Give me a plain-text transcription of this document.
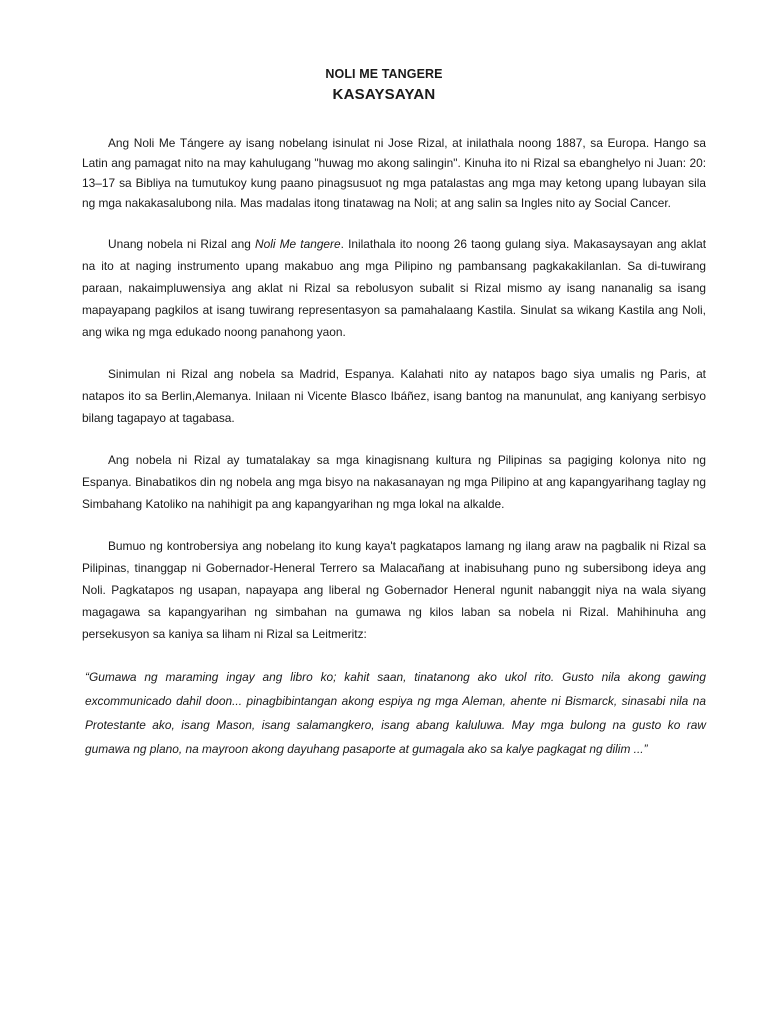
NOLI ME TANGERE
KASAYSAYAN

Ang Noli Me Tángere ay isang nobelang isinulat ni Jose Rizal, at inilathala noong 1887, sa Europa. Hango sa Latin ang pamagat nito na may kahulugang "huwag mo akong salingin". Kinuha ito ni Rizal sa ebanghelyo ni Juan: 20: 13–17 sa Bibliya na tumutukoy kung paano pinagsusuot ng mga patalastas ang mga may ketong upang lubayan sila ng mga nakakasalubong nila. Mas madalas itong tinatawag na Noli; at ang salin sa Ingles nito ay Social Cancer.

Unang nobela ni Rizal ang Noli Me tangere. Inilathala ito noong 26 taong gulang siya. Makasaysayan ang aklat na ito at naging instrumento upang makabuo ang mga Pilipino ng pambansang pagkakakilanlan. Sa di-tuwirang paraan, nakaimpluwensiya ang aklat ni Rizal sa rebolusyon subalit si Rizal mismo ay isang nananalig sa isang mapayapang pagkilos at isang tuwirang representasyon sa pamahalaang Kastila. Sinulat sa wikang Kastila ang Noli, ang wika ng mga edukado noong panahong yaon.

Sinimulan ni Rizal ang nobela sa Madrid, Espanya. Kalahati nito ay natapos bago siya umalis ng Paris, at natapos ito sa Berlin,Alemanya. Inilaan ni Vicente Blasco Ibáñez, isang bantog na manunulat, ang kaniyang serbisyo bilang tagapayo at tagabasa.

Ang nobela ni Rizal ay tumatalakay sa mga kinagisnang kultura ng Pilipinas sa pagiging kolonya nito ng Espanya. Binabatikos din ng nobela ang mga bisyo na nakasanayan ng mga Pilipino at ang kapangyarihang taglay ng Simbahang Katoliko na nahihigit pa ang kapangyarihan ng mga lokal na alkalde.

Bumuo ng kontrobersiya ang nobelang ito kung kaya't pagkatapos lamang ng ilang araw na pagbalik ni Rizal sa Pilipinas, tinanggap ni Gobernador-Heneral Terrero sa Malacañang at inabisuhang puno ng subersibong ideya ang Noli. Pagkatapos ng usapan, napayapa ang liberal ng Gobernador Heneral ngunit nabanggit niya na wala siyang magagawa sa kapangyarihan ng simbahan na gumawa ng kilos laban sa nobela ni Rizal. Mahihinuha ang persekusyon sa kaniya sa liham ni Rizal sa Leitmeritz:

“Gumawa ng maraming ingay ang libro ko; kahit saan, tinatanong ako ukol rito. Gusto nila akong gawing excommunicado dahil doon... pinagbibintangan akong espiya ng mga Aleman, ahente ni Bismarck, sinasabi nila na Protestante ako, isang Mason, isang salamangkero, isang abang kaluluwa. May mga bulong na gusto ko raw gumawa ng plano, na mayroon akong dayuhang pasaporte at gumagala ako sa kalye pagkagat ng dilim ...”
